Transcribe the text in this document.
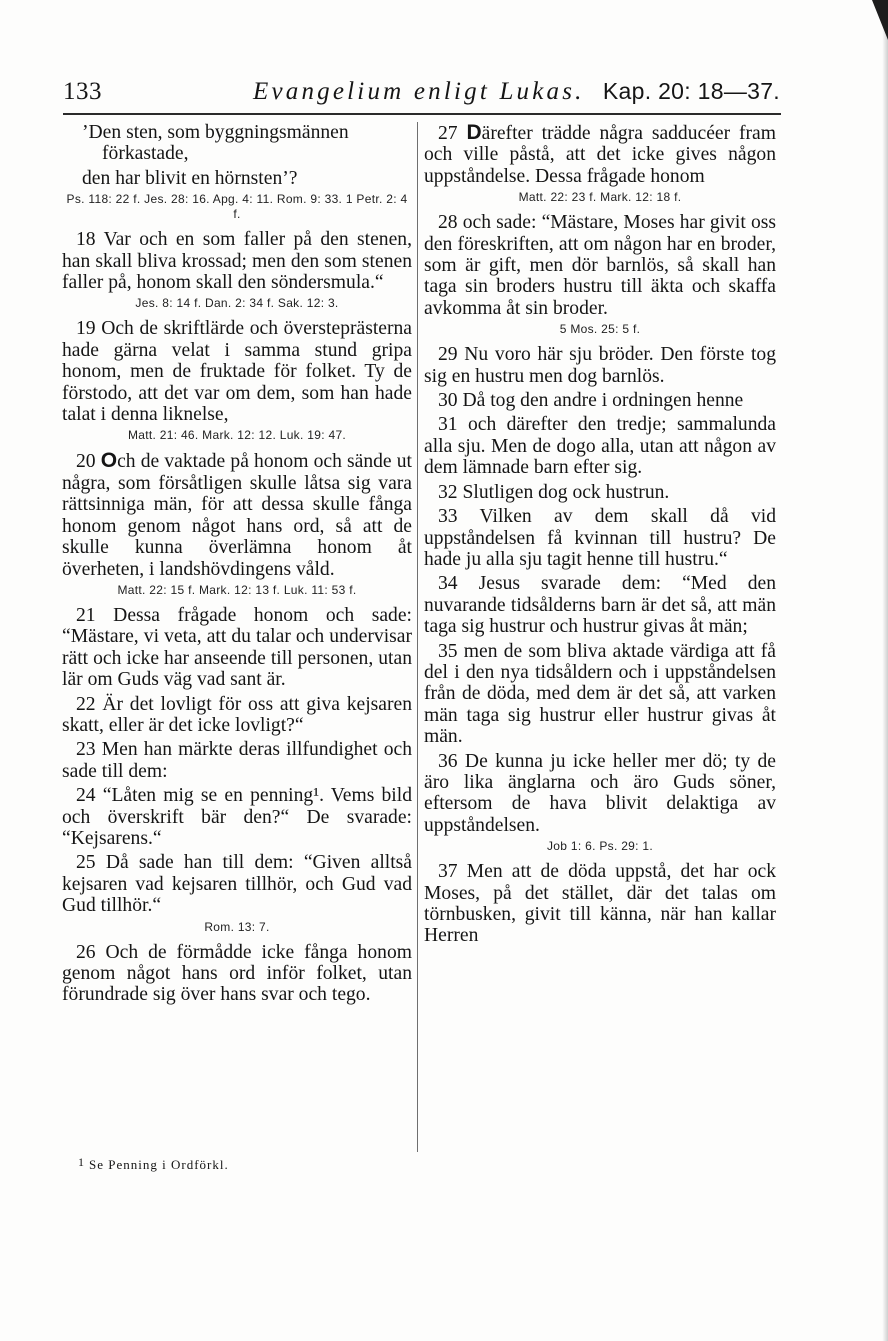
133	Evangelium enligt Lukas. Kap. 20: 18—37.
’Den sten, som byggningsmännen förkastade,
den har blivit en hörnsten’?
Ps. 118: 22 f. Jes. 28: 16. Apg. 4: 11. Rom. 9: 33. 1 Petr. 2: 4 f.
18 Var och en som faller på den stenen, han skall bliva krossad; men den som stenen faller på, honom skall den söndersmula.“
Jes. 8: 14 f. Dan. 2: 34 f. Sak. 12: 3.
19 Och de skriftlärde och översteprästerna hade gärna velat i samma stund gripa honom, men de fruktade för folket. Ty de förstodo, att det var om dem, som han hade talat i denna liknelse,
Matt. 21: 46. Mark. 12: 12. Luk. 19: 47.
20 Och de vaktade på honom och sände ut några, som försåtligen skulle låtsa sig vara rättsinniga män, för att dessa skulle fånga honom genom något hans ord, så att de skulle kunna överlämna honom åt överheten, i landshövdingens våld.
Matt. 22: 15 f. Mark. 12: 13 f. Luk. 11: 53 f.
21 Dessa frågade honom och sade: “Mästare, vi veta, att du talar och undervisar rätt och icke har anseende till personen, utan lär om Guds väg vad sant är.
22 Är det lovligt för oss att giva kejsaren skatt, eller är det icke lovligt?“
23 Men han märkte deras illfundighet och sade till dem:
24 “Låten mig se en penning¹. Vems bild och överskrift bär den?“ De svarade: “Kejsarens.“
25 Då sade han till dem: “Given alltså kejsaren vad kejsaren tillhör, och Gud vad Gud tillhör.“
Rom. 13: 7.
26 Och de förmådde icke fånga honom genom något hans ord inför folket, utan förundrade sig över hans svar och tego.
27 Därefter trädde några sadducéer fram och ville påstå, att det icke gives någon uppståndelse. Dessa frågade honom
Matt. 22: 23 f. Mark. 12: 18 f.
28 och sade: “Mästare, Moses har givit oss den föreskriften, att om någon har en broder, som är gift, men dör barnlös, så skall han taga sin broders hustru till äkta och skaffa avkomma åt sin broder.
5 Mos. 25: 5 f.
29 Nu voro här sju bröder. Den förste tog sig en hustru men dog barnlös.
30 Då tog den andre i ordningen henne
31 och därefter den tredje; sammalunda alla sju. Men de dogo alla, utan att någon av dem lämnade barn efter sig.
32 Slutligen dog ock hustrun.
33 Vilken av dem skall då vid uppståndelsen få kvinnan till hustru? De hade ju alla sju tagit henne till hustru.“
34 Jesus svarade dem: “Med den nuvarande tidsålderns barn är det så, att män taga sig hustrur och hustrur givas åt män;
35 men de som bliva aktade värdiga att få del i den nya tidsåldern och i uppståndelsen från de döda, med dem är det så, att varken män taga sig hustrur eller hustrur givas åt män.
36 De kunna ju icke heller mer dö; ty de äro lika änglarna och äro Guds söner, eftersom de hava blivit delaktiga av uppståndelsen.
Job 1: 6. Ps. 29: 1.
37 Men att de döda uppstå, det har ock Moses, på det stället, där det talas om törnbusken, givit till känna, när han kallar Herren
1 Se Penning i Ordförkl.
